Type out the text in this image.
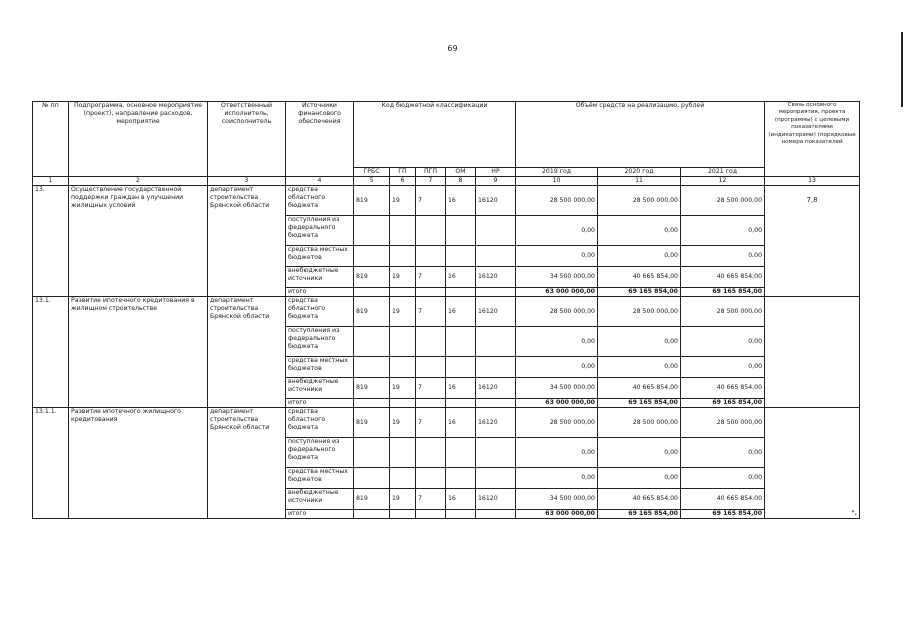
69
№ пп	Подпрограмма, основное мероприятие (проект), направление расходов, мероприятие	Ответственный исполнитель, соисполнитель	Источники финансового обеспечения	Код бюджетной классификации					Объём средств на реализацию, рублей			Связь основного мероприятия, проекта (программы) с целевыми показателями (индикаторами) (порядковые номера показателей
				ГРБС	ГП	ПГП	ОМ	НР	2019 год	2020 год	2021 год	
1	2	3	4	5	6	7	8	9	10	11	12	13
13.	Осуществление государственной поддержки граждан в улучшении жилищных условий	департамент строительства Брянской области	средства областного бюджета	819	19	7	16	16120	28 500 000,00	28 500 000,00	28 500 000,00	7,8
			поступления из федерального бюджета						0,00	0,00	0,00	
			средства местных бюджетов						0,00	0,00	0,00	
			внебюджетные источники	819	19	7	16	16120	34 500 000,00	40 665 854,00	40 665 854,00	
			итого						63 000 000,00	69 165 854,00	69 165 854,00	
13.1.	Развитие ипотечного кредитования в жилищном строительстве	департамент строительства Брянской области	средства областного бюджета	819	19	7	16	16120	28 500 000,00	28 500 000,00	28 500 000,00	
			поступления из федерального бюджета						0,00	0,00	0,00	
			средства местных бюджетов						0,00	0,00	0,00	
			внебюджетные источники	819	19	7	16	16120	34 500 000,00	40 665 854,00	40 665 854,00	
			итого						63 000 000,00	69 165 854,00	69 165 854,00	
13.1.1.	Развитие ипотечного жилищного кредитования	департамент строительства Брянской области	средства областного бюджета	819	19	7	16	16120	28 500 000,00	28 500 000,00	28 500 000,00	".
			поступления из федерального бюджета						0,00	0,00	0,00	
			средства местных бюджетов						0,00	0,00	0,00	
			внебюджетные источники	819	19	7	16	16120	34 500 000,00	40 665 854,00	40 665 854,00	
			итого						63 000 000,00	69 165 854,00	69 165 854,00	
